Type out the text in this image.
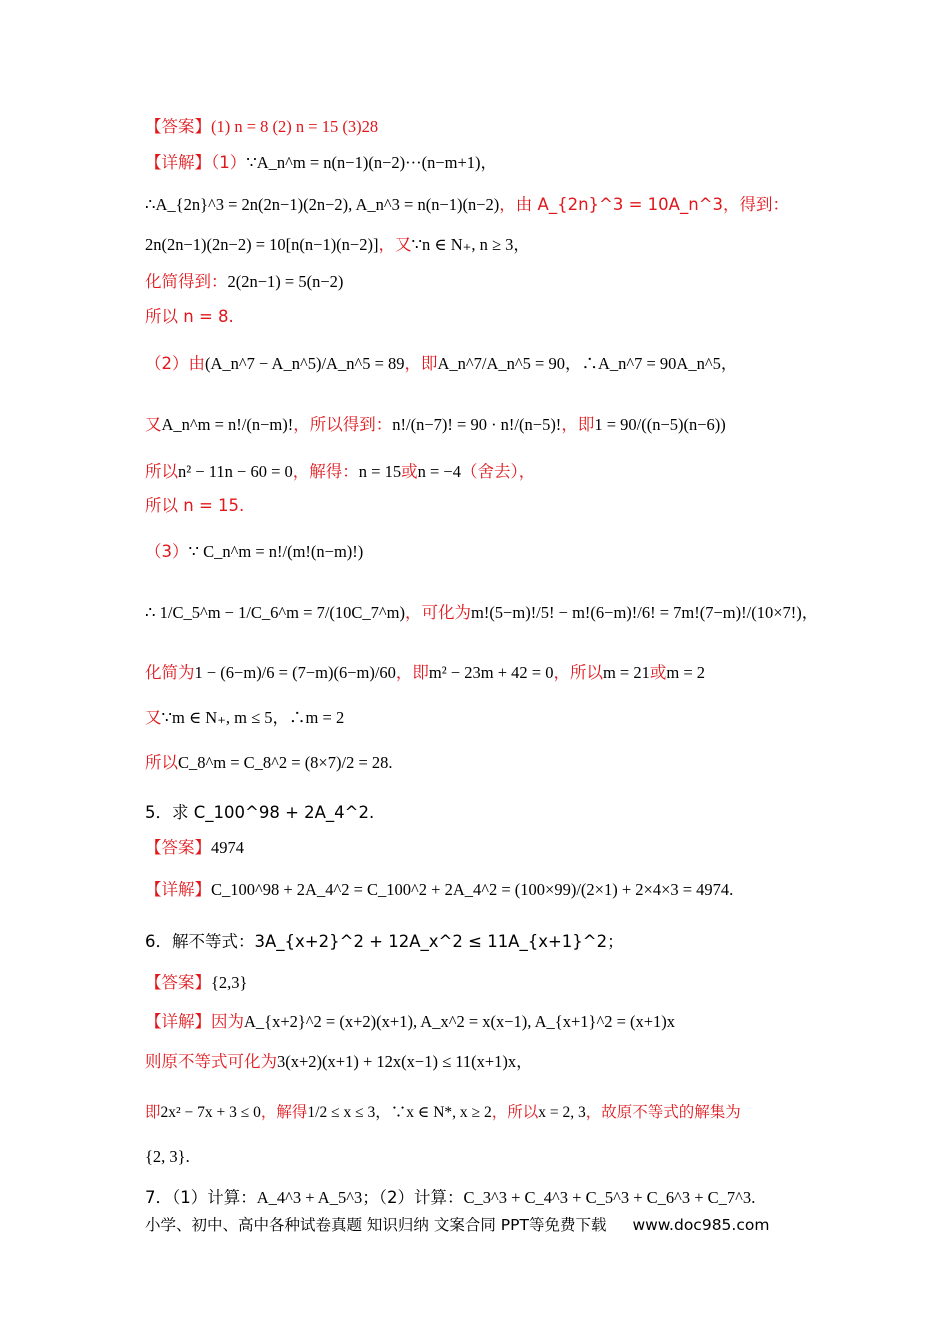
【答案】(1) n = 8 (2) n = 15 (3)28
【详解】（1）∵A_n^m = n(n−1)(n−2)···(n−m+1)，
∴A_{2n}^3 = 2n(2n−1)(2n−2), A_n^3 = n(n−1)(n−2)，由 A_{2n}^3 = 10A_n^3，得到：
2n(2n−1)(2n−2) = 10[n(n−1)(n−2)]，又∵n ∈ N₊, n ≥ 3，
化简得到：2(2n−1) = 5(n−2)
所以 n = 8.
（2）由(A_n^7 − A_n^5)/A_n^5 = 89，即A_n^7/A_n^5 = 90，∴A_n^7 = 90A_n^5，
又A_n^m = n!/(n−m)!，所以得到：n!/(n−7)! = 90 · n!/(n−5)!，即1 = 90/((n−5)(n−6))
所以n² − 11n − 60 = 0，解得：n = 15或n = −4（舍去），
所以 n = 15.
（3）∵ C_n^m = n!/(m!(n−m)!)
∴ 1/C_5^m − 1/C_6^m = 7/(10C_7^m)，可化为m!(5−m)!/5! − m!(6−m)!/6! = 7m!(7−m)!/(10×7!)，
化简为1 − (6−m)/6 = (7−m)(6−m)/60，即m² − 23m + 42 = 0，所以m = 21或m = 2
又∵m ∈ N₊, m ≤ 5，∴m = 2
所以C_8^m = C_8^2 = (8×7)/2 = 28.
5．求 C_100^98 + 2A_4^2.
【答案】4974
【详解】C_100^98 + 2A_4^2 = C_100^2 + 2A_4^2 = (100×99)/(2×1) + 2×4×3 = 4974.
6．解不等式：3A_{x+2}^2 + 12A_x^2 ≤ 11A_{x+1}^2；
【答案】{2,3}
【详解】因为A_{x+2}^2 = (x+2)(x+1), A_x^2 = x(x−1), A_{x+1}^2 = (x+1)x
则原不等式可化为3(x+2)(x+1) + 12x(x−1) ≤ 11(x+1)x，
即2x² − 7x + 3 ≤ 0，解得1/2 ≤ x ≤ 3，∵x ∈ N*, x ≥ 2，所以x = 2, 3，故原不等式的解集为
{2, 3}.
7．（1）计算：A_4^3 + A_5^3；（2）计算：C_3^3 + C_4^3 + C_5^3 + C_6^3 + C_7^3.
小学、初中、高中各种试卷真题 知识归纳 文案合同 PPT等免费下载 www.doc985.com
